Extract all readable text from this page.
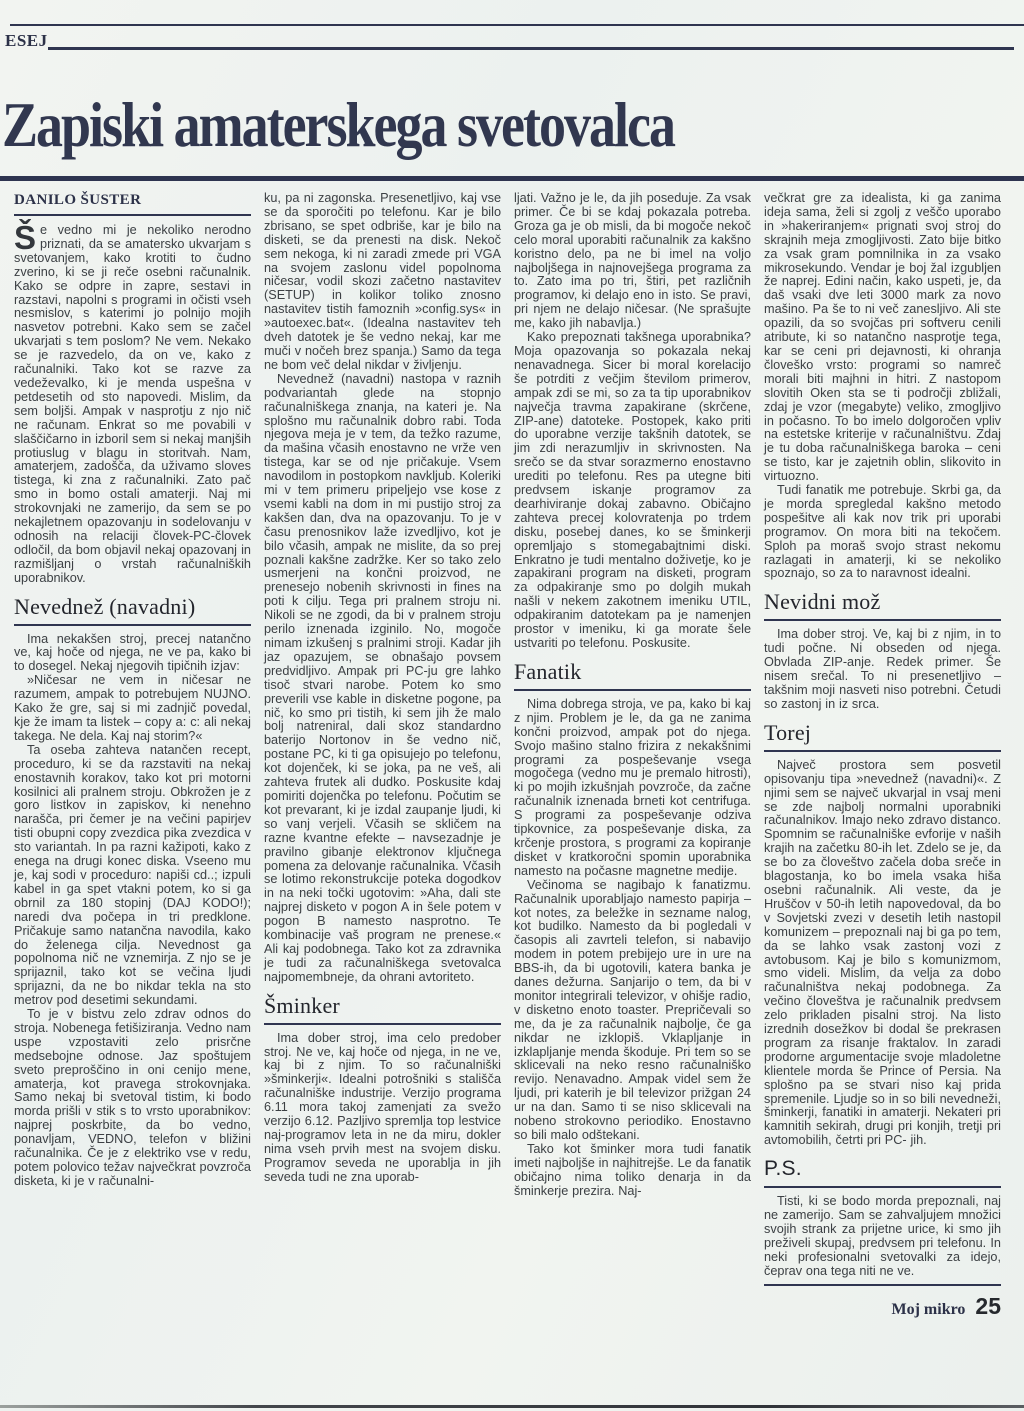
ESEJ
Zapiski amaterskega svetovalca
DANILO ŠUSTER

Še vedno mi je nekoliko nerodno priznati, da se amatersko ukvarjam s svetovanjem, kako krotiti to čudno zverino, ki se ji reče osebni računalnik. Kako se odpre in zapre, sestavi in razstavi, napolni s programi in očisti vseh nesmislov, s katerimi jo polnijo mojih nasvetov potrebni. Kako sem se začel ukvarjati s tem poslom? Ne vem. Nekako se je razvedelo, da on ve, kako z računalniki. Tako kot se razve za vedeževalko, ki je menda uspešna v petdesetih od sto napovedi. Mislim, da sem boljši. Ampak v nasprotju z njo nič ne računam. Enkrat so me povabili v slaščičarno in izboril sem si nekaj manjših protiuslug v blagu in storitvah. Nam, amaterjem, zadošča, da uživamo sloves tistega, ki zna z računalniki. Zato pač smo in bomo ostali amaterji. Naj mi strokovnjaki ne zamerijo, da sem se po nekajletnem opazovanju in sodelovanju v odnosih na relaciji človek-PC-človek odločil, da bom objavil nekaj opazovanj in razmišljanj o vrstah računalniških uporabnikov.

Nevednež (navadni)

Ima nekakšen stroj, precej natančno ve, kaj hoče od njega, ne ve pa, kako bi to dosegel. Nekaj njegovih tipičnih izjav:

»Ničesar ne vem in ničesar ne razumem, ampak to potrebujem NUJNO. Kako že gre, saj si mi zadnjič povedal, kje že imam ta listek – copy a: c: ali nekaj takega. Ne dela. Kaj naj storim?«

Ta oseba zahteva natančen recept, proceduro, ki se da razstaviti na nekaj enostavnih korakov, tako kot pri motorni kosilnici ali pralnem stroju. Obkrožen je z goro listkov in zapiskov, ki nenehno narašča, pri čemer je na večini papirjev tisti obupni copy zvezdica pika zvezdica v sto variantah. In pa razni kažipoti, kako z enega na drugi konec diska. Vseeno mu je, kaj sodi v proceduro: napiši cd..; izpuli kabel in ga spet vtakni potem, ko si ga obrnil za 180 stopinj (DAJ KODO!); naredi dva počepa in tri predklone. Pričakuje samo natančna navodila, kako do želenega cilja. Nevednost ga popolnoma nič ne vznemirja. Z njo se je sprijaznil, tako kot se večina ljudi sprijazni, da ne bo nikdar tekla na sto metrov pod desetimi sekundami.

To je v bistvu zelo zdrav odnos do stroja. Nobenega fetišiziranja. Vedno nam uspe vzpostaviti zelo prisrčne medsebojne odnose. Jaz spoštujem sveto preproščino in oni cenijo mene, amaterja, kot pravega strokovnjaka. Samo nekaj bi svetoval tistim, ki bodo morda prišli v stik s to vrsto uporabnikov: najprej poskrbite, da bo vedno, ponavljam, VEDNO, telefon v bližini računalnika. Če je z elektriko vse v redu, potem polovico težav največkrat povzroča disketa, ki je v računalni-

ku, pa ni zagonska. Presenetljivo, kaj vse se da sporočiti po telefonu. Kar je bilo zbrisano, se spet odbriše, kar je bilo na disketi, se da prenesti na disk. Nekoč sem nekoga, ki ni zaradi zmede pri VGA na svojem zaslonu videl popolnoma ničesar, vodil skozi začetno nastavitev (SETUP) in kolikor toliko znosno nastavitev tistih famoznih »config.sys« in »autoexec.bat«. (Idealna nastavitev teh dveh datotek je še vedno nekaj, kar me muči v nočeh brez spanja.) Samo da tega ne bom več delal nikdar v življenju.

Nevednež (navadni) nastopa v raznih podvariantah glede na stopnjo računalniškega znanja, na kateri je. Na splošno mu računalnik dobro rabi. Toda njegova meja je v tem, da težko razume, da mašina včasih enostavno ne vrže ven tistega, kar se od nje pričakuje. Vsem navodilom in postopkom navkljub. Koleriki mi v tem primeru pripeljejo vse kose z vsemi kabli na dom in mi pustijo stroj za kakšen dan, dva na opazovanju. To je v času prenosnikov laže izvedljivo, kot je bilo včasih, ampak ne mislite, da so prej poznali kakšne zadržke. Ker so tako zelo usmerjeni na končni proizvod, ne prenesejo nobenih skrivnosti in fines na poti k cilju. Tega pri pralnem stroju ni. Nikoli se ne zgodi, da bi v pralnem stroju perilo iznenada izginilo. No, mogoče nimam izkušenj s pralnimi stroji. Kadar jih jaz opazujem, se obnašajo povsem predvidljivo. Ampak pri PC-ju gre lahko tisoč stvari narobe. Potem ko smo preverili vse kable in disketne pogone, pa nič, ko smo pri tistih, ki sem jih že malo bolj natreniral, dali skoz standardno baterijo Nortonov in še vedno nič, postane PC, ki ti ga opisujejo po telefonu, kot dojenček, ki se joka, pa ne veš, ali zahteva frutek ali dudko. Poskusite kdaj pomiriti dojenčka po telefonu. Počutim se kot prevarant, ki je izdal zaupanje ljudi, ki so vanj verjeli. Včasih se skličem na razne kvantne efekte – navsezadnje je pravilno gibanje elektronov ključnega pomena za delovanje računalnika. Včasih se lotimo rekonstrukcije poteka dogodkov in na neki točki ugotovim: »Aha, dali ste najprej disketo v pogon A in šele potem v pogon B namesto nasprotno. Te kombinacije vaš program ne prenese.« Ali kaj podobnega. Tako kot za zdravnika je tudi za računalniškega svetovalca najpomembneje, da ohrani avtoriteto.

Šminker

Ima dober stroj, ima celo predober stroj. Ne ve, kaj hoče od njega, in ne ve, kaj bi z njim. To so računalniški »šminkerji«. Idealni potrošniki s stališča računalniške industrije. Verzijo programa 6.11 mora takoj zamenjati za svežo verzijo 6.12. Pazljivo spremlja top lestvice naj-programov leta in ne da miru, dokler nima vseh prvih mest na svojem disku. Programov seveda ne uporablja in jih seveda tudi ne zna uporab-

ljati. Važno je le, da jih poseduje. Za vsak primer. Če bi se kdaj pokazala potreba. Groza ga je ob misli, da bi mogoče nekoč celo moral uporabiti računalnik za kakšno koristno delo, pa ne bi imel na voljo najboljšega in najnovejšega programa za to. Zato ima po tri, štiri, pet različnih programov, ki delajo eno in isto. Se pravi, pri njem ne delajo ničesar. (Ne sprašujte me, kako jih nabavlja.)

Kako prepoznati takšnega uporabnika? Moja opazovanja so pokazala nekaj nenavadnega. Sicer bi moral korelacijo še potrditi z večjim številom primerov, ampak zdi se mi, so za ta tip uporabnikov največja travma zapakirane (skrčene, ZIP-ane) datoteke. Postopek, kako priti do uporabne verzije takšnih datotek, se jim zdi nerazumljiv in skrivnosten. Na srečo se da stvar sorazmerno enostavno urediti po telefonu. Res pa utegne biti predvsem iskanje programov za dearhiviranje dokaj zabavno. Običajno zahteva precej kolovratenja po trdem disku, posebej danes, ko se šminkerji opremljajo s stomegabajtnimi diski. Enkratno je tudi mentalno doživetje, ko je zapakirani program na disketi, program za odpakiranje smo po dolgih mukah našli v nekem zakotnem imeniku UTIL, odpakiranim datotekam pa je namenjen prostor v imeniku, ki ga morate šele ustvariti po telefonu. Poskusite.

Fanatik

Nima dobrega stroja, ve pa, kako bi kaj z njim. Problem je le, da ga ne zanima končni proizvod, ampak pot do njega. Svojo mašino stalno frizira z nekakšnimi programi za pospeševanje vsega mogočega (vedno mu je premalo hitrosti), ki po mojih izkušnjah povzroče, da začne računalnik iznenada brneti kot centrifuga. S programi za pospeševanje odziva tipkovnice, za pospeševanje diska, za krčenje prostora, s programi za kopiranje disket v kratkoročni spomin uporabnika namesto na počasne magnetne medije.

Večinoma se nagibajo k fanatizmu. Računalnik uporabljajo namesto papirja – kot notes, za beležke in sezname nalog, kot budilko. Namesto da bi pogledali v časopis ali zavrteli telefon, si nabavijo modem in potem prebijejo ure in ure na BBS-ih, da bi ugotovili, katera banka je danes dežurna. Sanjarijo o tem, da bi v monitor integrirali televizor, v ohišje radio, v disketno enoto toaster. Prepričevali so me, da je za računalnik najbolje, če ga nikdar ne izklopiš. Vklapljanje in izklapljanje menda škoduje. Pri tem so se sklicevali na neko resno računalniško revijo. Nenavadno. Ampak videl sem že ljudi, pri katerih je bil televizor prižgan 24 ur na dan. Samo ti se niso sklicevali na nobeno strokovno periodiko. Enostavno so bili malo odštekani.

Tako kot šminker mora tudi fanatik imeti najboljše in najhitrejše. Le da fanatik običajno nima toliko denarja in da šminkerje prezira. Naj-

večkrat gre za idealista, ki ga zanima ideja sama, želi si zgolj z veščo uporabo in »hakeriranjem« prignati svoj stroj do skrajnih meja zmogljivosti. Zato bije bitko za vsak gram pomnilnika in za vsako mikrosekundo. Vendar je boj žal izgubljen že naprej. Edini način, kako uspeti, je, da daš vsaki dve leti 3000 mark za novo mašino. Pa še to ni več zanesljivo. Ali ste opazili, da so svojčas pri softveru cenili atribute, ki so natančno nasprotje tega, kar se ceni pri dejavnosti, ki ohranja človeško vrsto: programi so namreč morali biti majhni in hitri. Z nastopom slovitih Oken sta se ti področji zbližali, zdaj je vzor (megabyte) veliko, zmogljivo in počasno. To bo imelo dolgoročen vpliv na estetske kriterije v računalništvu. Zdaj je tu doba računalniškega baroka – ceni se tisto, kar je zajetnih oblin, slikovito in virtuozno.

Tudi fanatik me potrebuje. Skrbi ga, da je morda spregledal kakšno metodo pospešitve ali kak nov trik pri uporabi programov. On mora biti na tekočem. Sploh pa moraš svojo strast nekomu razlagati in amaterji, ki se nekoliko spoznajo, so za to naravnost idealni.

Nevidni mož

Ima dober stroj. Ve, kaj bi z njim, in to tudi počne. Ni obseden od njega. Obvlada ZIP-anje. Redek primer. Še nisem srečal. To ni presenetljivo – takšnim moji nasveti niso potrebni. Četudi so zastonj in iz srca.

Torej

Največ prostora sem posvetil opisovanju tipa »nevednež (navadni)«. Z njimi sem se največ ukvarjal in vsaj meni se zde najbolj normalni uporabniki računalnikov. Imajo neko zdravo distanco. Spomnim se računalniške evforije v naših krajih na začetku 80-ih let. Zdelo se je, da se bo za človeštvo začela doba sreče in blagostanja, ko bo imela vsaka hiša osebni računalnik. Ali veste, da je Hruščov v 50-ih letih napovedoval, da bo v Sovjetski zvezi v desetih letih nastopil komunizem – prepoznali naj bi ga po tem, da se lahko vsak zastonj vozi z avtobusom. Kaj je bilo s komunizmom, smo videli. Mislim, da velja za dobo računalništva nekaj podobnega. Za večino človeštva je računalnik predvsem zelo prikladen pisalni stroj. Na listo izrednih dosežkov bi dodal še prekrasen program za risanje fraktalov. In zaradi prodorne argumentacije svoje mladoletne klientele morda še Prince of Persia. Na splošno pa se stvari niso kaj prida spremenile. Ljudje so in so bili nevedneži, šminkerji, fanatiki in amaterji. Nekateri pri kamnitih sekirah, drugi pri konjih, tretji pri avtomobilih, četrti pri PC- jih.

P.S.

Tisti, ki se bodo morda prepoznali, naj ne zamerijo. Sam se zahvaljujem množici svojih strank za prijetne urice, ki smo jih preživeli skupaj, predvsem pri telefonu. In neki profesionalni svetovalki za idejo, čeprav ona tega niti ne ve.

Moj mikro 25
